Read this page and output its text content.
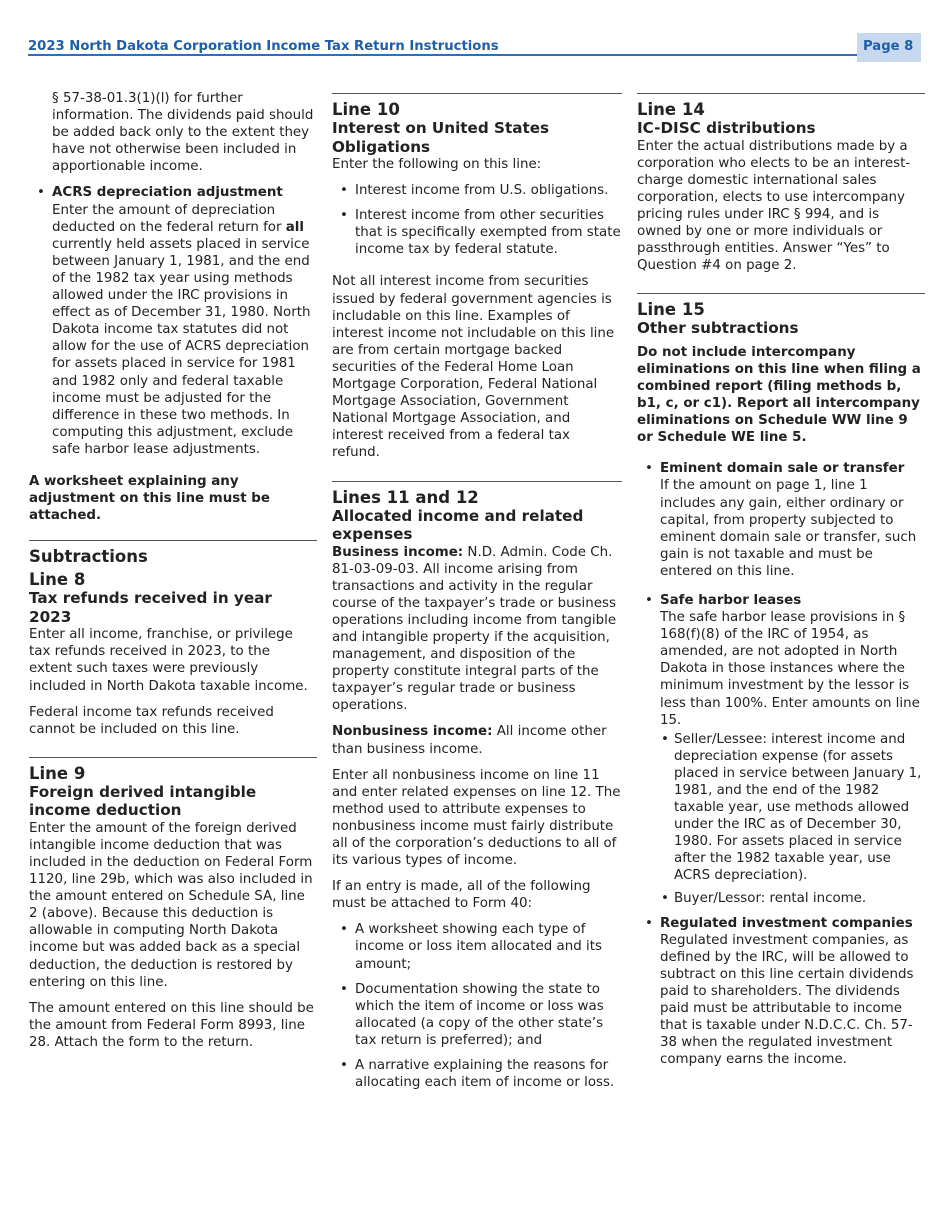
2023 North Dakota Corporation Income Tax Return Instructions	Page 8

§ 57-38-01.3(1)(l) for further information. The dividends paid should be added back only to the extent they have not otherwise been included in apportionable income.

• ACRS depreciation adjustment
Enter the amount of depreciation deducted on the federal return for all currently held assets placed in service between January 1, 1981, and the end of the 1982 tax year using methods allowed under the IRC provisions in effect as of December 31, 1980. North Dakota income tax statutes did not allow for the use of ACRS depreciation for assets placed in service for 1981 and 1982 only and federal taxable income must be adjusted for the difference in these two methods. In computing this adjustment, exclude safe harbor lease adjustments.

A worksheet explaining any adjustment on this line must be attached.

Subtractions
Line 8
Tax refunds received in year 2023

Enter all income, franchise, or privilege tax refunds received in 2023, to the extent such taxes were previously included in North Dakota taxable income.

Federal income tax refunds received cannot be included on this line.

Line 9
Foreign derived intangible income deduction

Enter the amount of the foreign derived intangible income deduction that was included in the deduction on Federal Form 1120, line 29b, which was also included in the amount entered on Schedule SA, line 2 (above). Because this deduction is allowable in computing North Dakota income but was added back as a special deduction, the deduction is restored by entering on this line.

The amount entered on this line should be the amount from Federal Form 8993, line 28. Attach the form to the return.

Line 10
Interest on United States Obligations

Enter the following on this line:

• Interest income from U.S. obligations.
• Interest income from other securities that is specifically exempted from state income tax by federal statute.

Not all interest income from securities issued by federal government agencies is includable on this line. Examples of interest income not includable on this line are from certain mortgage backed securities of the Federal Home Loan Mortgage Corporation, Federal National Mortgage Association, Government National Mortgage Association, and interest received from a federal tax refund.

Lines 11 and 12
Allocated income and related expenses

Business income: N.D. Admin. Code Ch. 81-03-09-03. All income arising from transactions and activity in the regular course of the taxpayer’s trade or business operations including income from tangible and intangible property if the acquisition, management, and disposition of the property constitute integral parts of the taxpayer’s regular trade or business operations.

Nonbusiness income: All income other than business income.

Enter all nonbusiness income on line 11 and enter related expenses on line 12. The method used to attribute expenses to nonbusiness income must fairly distribute all of the corporation’s deductions to all of its various types of income.

If an entry is made, all of the following must be attached to Form 40:

• A worksheet showing each type of income or loss item allocated and its amount;
• Documentation showing the state to which the item of income or loss was allocated (a copy of the other state’s tax return is preferred); and
• A narrative explaining the reasons for allocating each item of income or loss.
Line 14
IC-DISC distributions

Enter the actual distributions made by a corporation who elects to be an interest-charge domestic international sales corporation, elects to use intercompany pricing rules under IRC § 994, and is owned by one or more individuals or passthrough entities. Answer “Yes” to Question #4 on page 2.

Line 15
Other subtractions

Do not include intercompany eliminations on this line when filing a combined report (filing methods b, b1, c, or c1). Report all intercompany eliminations on Schedule WW line 9 or Schedule WE line 5.

• Eminent domain sale or transfer
If the amount on page 1, line 1 includes any gain, either ordinary or capital, from property subjected to eminent domain sale or transfer, such gain is not taxable and must be entered on this line.
• Safe harbor leases
The safe harbor lease provisions in § 168(f)(8) of the IRC of 1954, as amended, are not adopted in North Dakota in those instances where the minimum investment by the lessor is less than 100%. Enter amounts on line 15.
• Seller/Lessee: interest income and depreciation expense (for assets placed in service between January 1, 1981, and the end of the 1982 taxable year, use methods allowed under the IRC as of December 30, 1980. For assets placed in service after the 1982 taxable year, use ACRS depreciation).
• Buyer/Lessor: rental income.
• Regulated investment companies
Regulated investment companies, as defined by the IRC, will be allowed to subtract on this line certain dividends paid to shareholders. The dividends paid must be attributable to income that is taxable under N.D.C.C. Ch. 57-38 when the regulated investment company earns the income.
